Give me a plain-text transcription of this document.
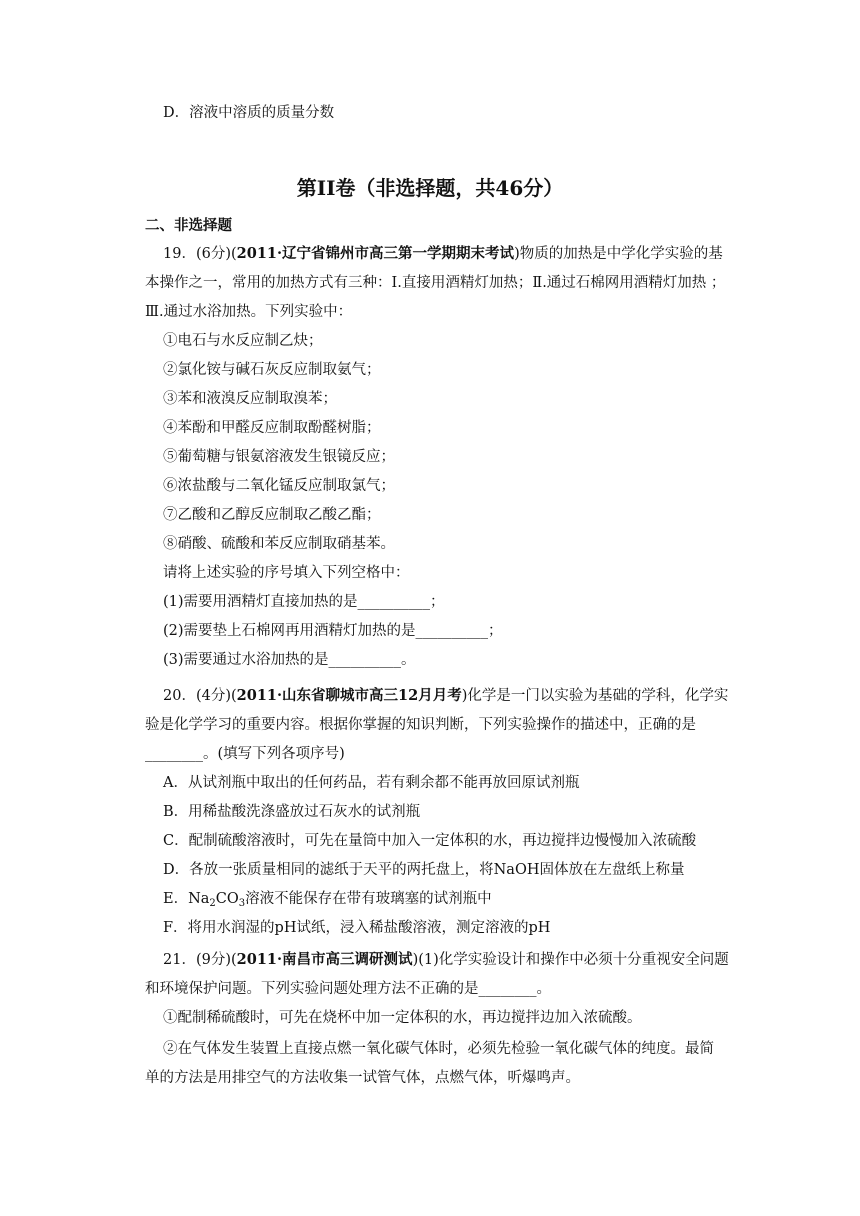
D．溶液中溶质的质量分数
第II卷（非选择题，共46分）
二、非选择题
19．(6分)(2011·辽宁省锦州市高三第一学期期末考试)物质的加热是中学化学实验的基
本操作之一，常用的加热方式有三种：Ⅰ.直接用酒精灯加热；Ⅱ.通过石棉网用酒精灯加热 ；
Ⅲ.通过水浴加热。下列实验中：
①电石与水反应制乙炔；
②氯化铵与碱石灰反应制取氨气；
③苯和液溴反应制取溴苯；
④苯酚和甲醛反应制取酚醛树脂；
⑤葡萄糖与银氨溶液发生银镜反应；
⑥浓盐酸与二氧化锰反应制取氯气；
⑦乙酸和乙醇反应制取乙酸乙酯；
⑧硝酸、硫酸和苯反应制取硝基苯。
请将上述实验的序号填入下列空格中：
(1)需要用酒精灯直接加热的是__________；
(2)需要垫上石棉网再用酒精灯加热的是__________；
(3)需要通过水浴加热的是__________。
20．(4分)(2011·山东省聊城市高三12月月考)化学是一门以实验为基础的学科，化学实
验是化学学习的重要内容。根据你掌握的知识判断，下列实验操作的描述中，正确的是
________。(填写下列各项序号)
A．从试剂瓶中取出的任何药品，若有剩余都不能再放回原试剂瓶
B．用稀盐酸洗涤盛放过石灰水的试剂瓶
C．配制硫酸溶液时，可先在量筒中加入一定体积的水，再边搅拌边慢慢加入浓硫酸
D．各放一张质量相同的滤纸于天平的两托盘上，将NaOH固体放在左盘纸上称量
E．$Na_2CO_3$溶液不能保存在带有玻璃塞的试剂瓶中
F．将用水润湿的pH试纸，浸入稀盐酸溶液，测定溶液的pH
21．(9分)(2011·南昌市高三调研测试)(1)化学实验设计和操作中必须十分重视安全问题
和环境保护问题。下列实验问题处理方法不正确的是________。
①配制稀硫酸时，可先在烧杯中加一定体积的水，再边搅拌边加入浓硫酸。
②在气体发生装置上直接点燃一氧化碳气体时，必须先检验一氧化碳气体的纯度。最简
单的方法是用排空气的方法收集一试管气体，点燃气体，听爆鸣声。
